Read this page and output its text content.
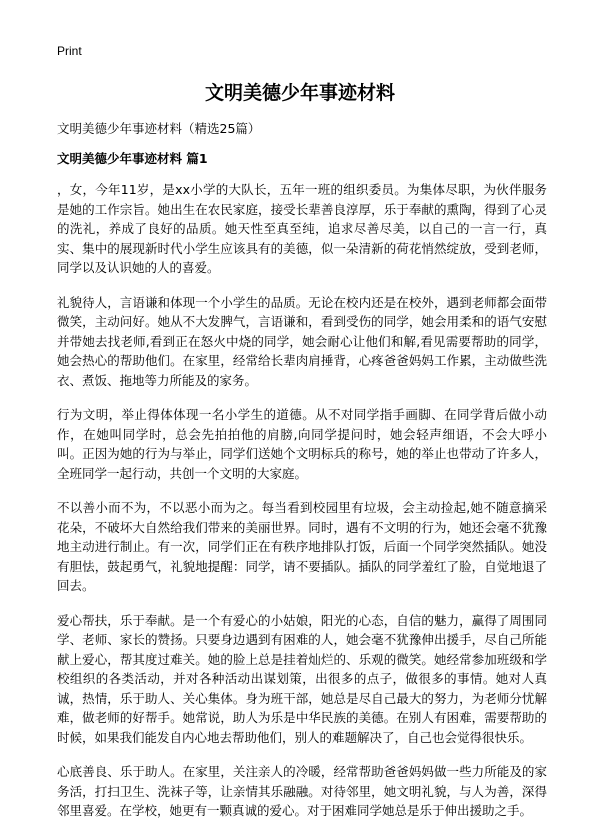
Print
文明美德少年事迹材料
文明美德少年事迹材料（精选25篇）
文明美德少年事迹材料 篇1

，女，今年11岁，是xx小学的大队长，五年一班的组织委员。为集体尽职，为伙伴服务是她的工作宗旨。她出生在农民家庭，接受长辈善良淳厚，乐于奉献的熏陶，得到了心灵的洗礼，养成了良好的品质。她天性至真至纯，追求尽善尽美，以自己的一言一行，真实、集中的展现新时代小学生应该具有的美德，似一朵清新的荷花悄然绽放，受到老师，同学以及认识她的人的喜爱。

礼貌待人，言语谦和体现一个小学生的品质。无论在校内还是在校外，遇到老师都会面带微笑，主动问好。她从不大发脾气，言语谦和，看到受伤的同学，她会用柔和的语气安慰并带她去找老师,看到正在怒火中烧的同学，她会耐心让他们和解,看见需要帮助的同学，她会热心的帮助他们。在家里，经常给长辈肉肩捶背，心疼爸爸妈妈工作累，主动做些洗衣、煮饭、拖地等力所能及的家务。

行为文明，举止得体体现一名小学生的道德。从不对同学指手画脚、在同学背后做小动作，在她叫同学时，总会先拍拍他的肩膀,向同学提问时，她会轻声细语，不会大呼小叫。正因为她的行为与举止，同学们送她个文明标兵的称号，她的举止也带动了许多人，全班同学一起行动，共创一个文明的大家庭。

不以善小而不为，不以恶小而为之。每当看到校园里有垃圾，会主动捡起,她不随意摘采花朵，不破坏大自然给我们带来的美丽世界。同时，遇有不文明的行为，她还会毫不犹豫地主动进行制止。有一次，同学们正在有秩序地排队打饭，后面一个同学突然插队。她没有胆怯，鼓起勇气，礼貌地提醒：同学，请不要插队。插队的同学羞红了脸，自觉地退了回去。

爱心帮扶，乐于奉献。是一个有爱心的小姑娘，阳光的心态，自信的魅力，赢得了周围同学、老师、家长的赞扬。只要身边遇到有困难的人，她会毫不犹豫伸出援手，尽自己所能献上爱心，帮其度过难关。她的脸上总是挂着灿烂的、乐观的微笑。她经常参加班级和学校组织的各类活动，并对各种活动出谋划策，出很多的点子，做很多的事情。她对人真诚，热情，乐于助人、关心集体。身为班干部，她总是尽自己最大的努力，为老师分忧解难，做老师的好帮手。她常说，助人为乐是中华民族的美德。在别人有困难，需要帮助的时候，如果我们能发自内心地去帮助他们，别人的难题解决了，自己也会觉得很快乐。

心底善良、乐于助人。在家里，关注亲人的冷暖，经常帮助爸爸妈妈做一些力所能及的家务活，打扫卫生、洗袜子等，让亲情其乐融融。对待邻里，她文明礼貌，与人为善，深得邻里喜爱。在学校，她更有一颗真诚的爱心。对于困难同学她总是乐于伸出援助之手。
